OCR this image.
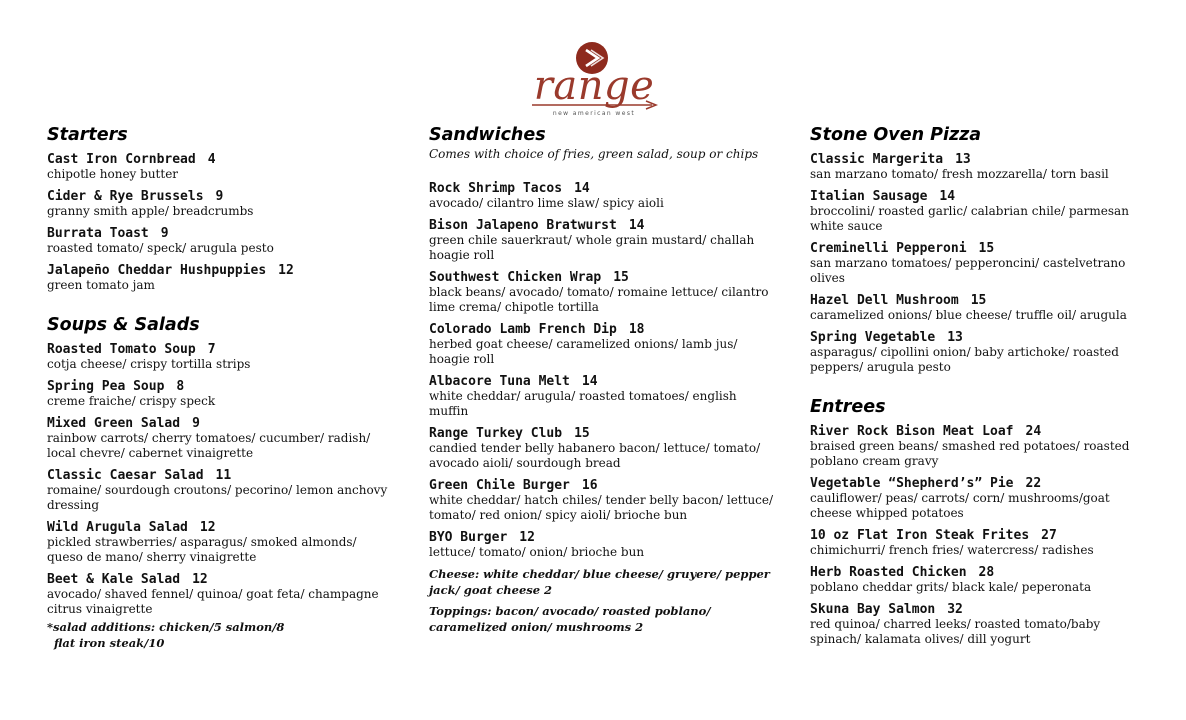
range
new american west
Starters
Cast Iron Cornbread 4
chipotle honey butter
Cider & Rye Brussels 9
granny smith apple/ breadcrumbs
Burrata Toast 9
roasted tomato/ speck/ arugula pesto
Jalapeño Cheddar Hushpuppies 12
green tomato jam
Soups & Salads
Roasted Tomato Soup 7
cotja cheese/ crispy tortilla strips
Spring Pea Soup 8
creme fraiche/ crispy speck
Mixed Green Salad 9
rainbow carrots/ cherry tomatoes/ cucumber/ radish/ local chevre/ cabernet vinaigrette
Classic Caesar Salad 11
romaine/ sourdough croutons/ pecorino/ lemon anchovy dressing
Wild Arugula Salad 12
pickled strawberries/ asparagus/ smoked almonds/ queso de mano/ sherry vinaigrette
Beet & Kale Salad 12
avocado/ shaved fennel/ quinoa/ goat feta/ champagne citrus vinaigrette
*salad additions: chicken/5 salmon/8
flat iron steak/10
Sandwiches
Comes with choice of fries, green salad, soup or chips
Rock Shrimp Tacos 14
avocado/ cilantro lime slaw/ spicy aioli
Bison Jalapeno Bratwurst 14
green chile sauerkraut/ whole grain mustard/ challah hoagie roll
Southwest Chicken Wrap 15
black beans/ avocado/ tomato/ romaine lettuce/ cilantro lime crema/ chipotle tortilla
Colorado Lamb French Dip 18
herbed goat cheese/ caramelized onions/ lamb jus/ hoagie roll
Albacore Tuna Melt 14
white cheddar/ arugula/ roasted tomatoes/ english muffin
Range Turkey Club 15
candied tender belly habanero bacon/ lettuce/ tomato/ avocado aioli/ sourdough bread
Green Chile Burger 16
white cheddar/ hatch chiles/ tender belly bacon/ lettuce/ tomato/ red onion/ spicy aioli/ brioche bun
BYO Burger 12
lettuce/ tomato/ onion/ brioche bun
Cheese: white cheddar/ blue cheese/ gruyere/ pepper jack/ goat cheese 2
Toppings: bacon/ avocado/ roasted poblano/ caramelized onion/ mushrooms 2
Stone Oven Pizza
Classic Margerita 13
san marzano tomato/ fresh mozzarella/ torn basil
Italian Sausage 14
broccolini/ roasted garlic/ calabrian chile/ parmesan white sauce
Creminelli Pepperoni 15
san marzano tomatoes/ pepperoncini/ castelvetrano olives
Hazel Dell Mushroom 15
caramelized onions/ blue cheese/ truffle oil/ arugula
Spring Vegetable 13
asparagus/ cipollini onion/ baby artichoke/ roasted peppers/ arugula pesto
Entrees
River Rock Bison Meat Loaf 24
braised green beans/ smashed red potatoes/ roasted poblano cream gravy
Vegetable “Shepherd’s” Pie 22
cauliflower/ peas/ carrots/ corn/ mushrooms/goat cheese whipped potatoes
10 oz Flat Iron Steak Frites 27
chimichurri/ french fries/ watercress/ radishes
Herb Roasted Chicken 28
poblano cheddar grits/ black kale/ peperonata
Skuna Bay Salmon 32
red quinoa/ charred leeks/ roasted tomato/baby spinach/ kalamata olives/ dill yogurt
